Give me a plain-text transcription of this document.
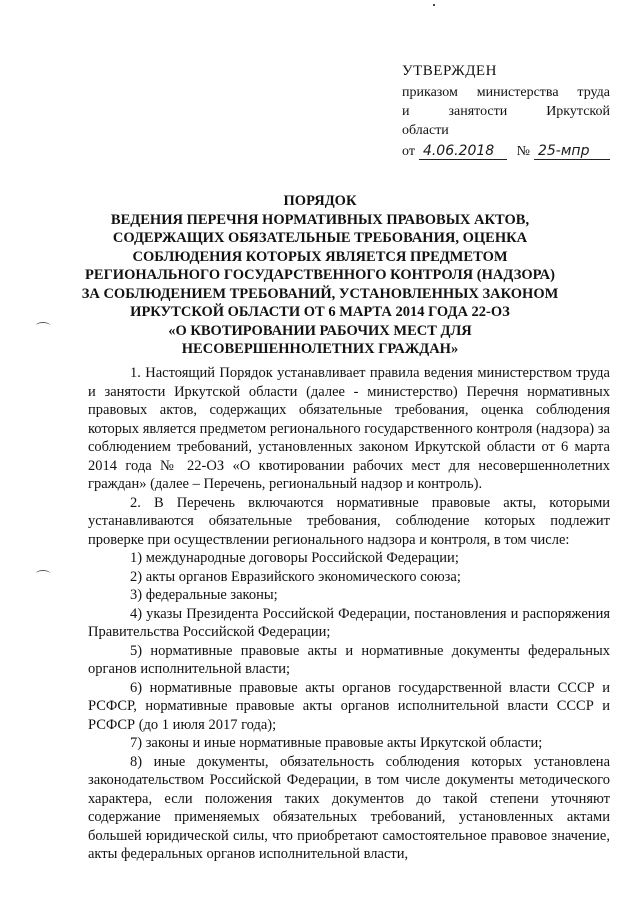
УТВЕРЖДЕН
приказом министерства труда
и занятости Иркутской
области
от 4.06.2018	№ 25-мпр
ПОРЯДОК
ВЕДЕНИЯ ПЕРЕЧНЯ НОРМАТИВНЫХ ПРАВОВЫХ АКТОВ,
СОДЕРЖАЩИХ ОБЯЗАТЕЛЬНЫЕ ТРЕБОВАНИЯ, ОЦЕНКА
СОБЛЮДЕНИЯ КОТОРЫХ ЯВЛЯЕТСЯ ПРЕДМЕТОМ
РЕГИОНАЛЬНОГО ГОСУДАРСТВЕННОГО КОНТРОЛЯ (НАДЗОРА)
ЗА СОБЛЮДЕНИЕМ ТРЕБОВАНИЙ, УСТАНОВЛЕННЫХ ЗАКОНОМ
ИРКУТСКОЙ ОБЛАСТИ ОТ 6 МАРТА 2014 ГОДА 22-ОЗ
«О КВОТИРОВАНИИ РАБОЧИХ МЕСТ ДЛЯ
НЕСОВЕРШЕННОЛЕТНИХ ГРАЖДАН»

1. Настоящий Порядок устанавливает правила ведения министерством труда и занятости Иркутской области (далее - министерство) Перечня нормативных правовых актов, содержащих обязательные требования, оценка соблюдения которых является предметом регионального государственного контроля (надзора) за соблюдением требований, установленных законом Иркутской области от 6 марта 2014 года № 22-ОЗ «О квотировании рабочих мест для несовершеннолетних граждан» (далее – Перечень, региональный надзор и контроль).

2. В Перечень включаются нормативные правовые акты, которыми устанавливаются обязательные требования, соблюдение которых подлежит проверке при осуществлении регионального надзора и контроля, в том числе:

1) международные договоры Российской Федерации;

2) акты органов Евразийского экономического союза;

3) федеральные законы;

4) указы Президента Российской Федерации, постановления и распоряжения Правительства Российской Федерации;

5) нормативные правовые акты и нормативные документы федеральных органов исполнительной власти;

6) нормативные правовые акты органов государственной власти СССР и РСФСР, нормативные правовые акты органов исполнительной власти СССР и РСФСР (до 1 июля 2017 года);

7) законы и иные нормативные правовые акты Иркутской области;

8) иные документы, обязательность соблюдения которых установлена законодательством Российской Федерации, в том числе документы методического характера, если положения таких документов до такой степени уточняют содержание применяемых обязательных требований, установленных актами большей юридической силы, что приобретают самостоятельное правовое значение, акты федеральных органов исполнительной власти,
